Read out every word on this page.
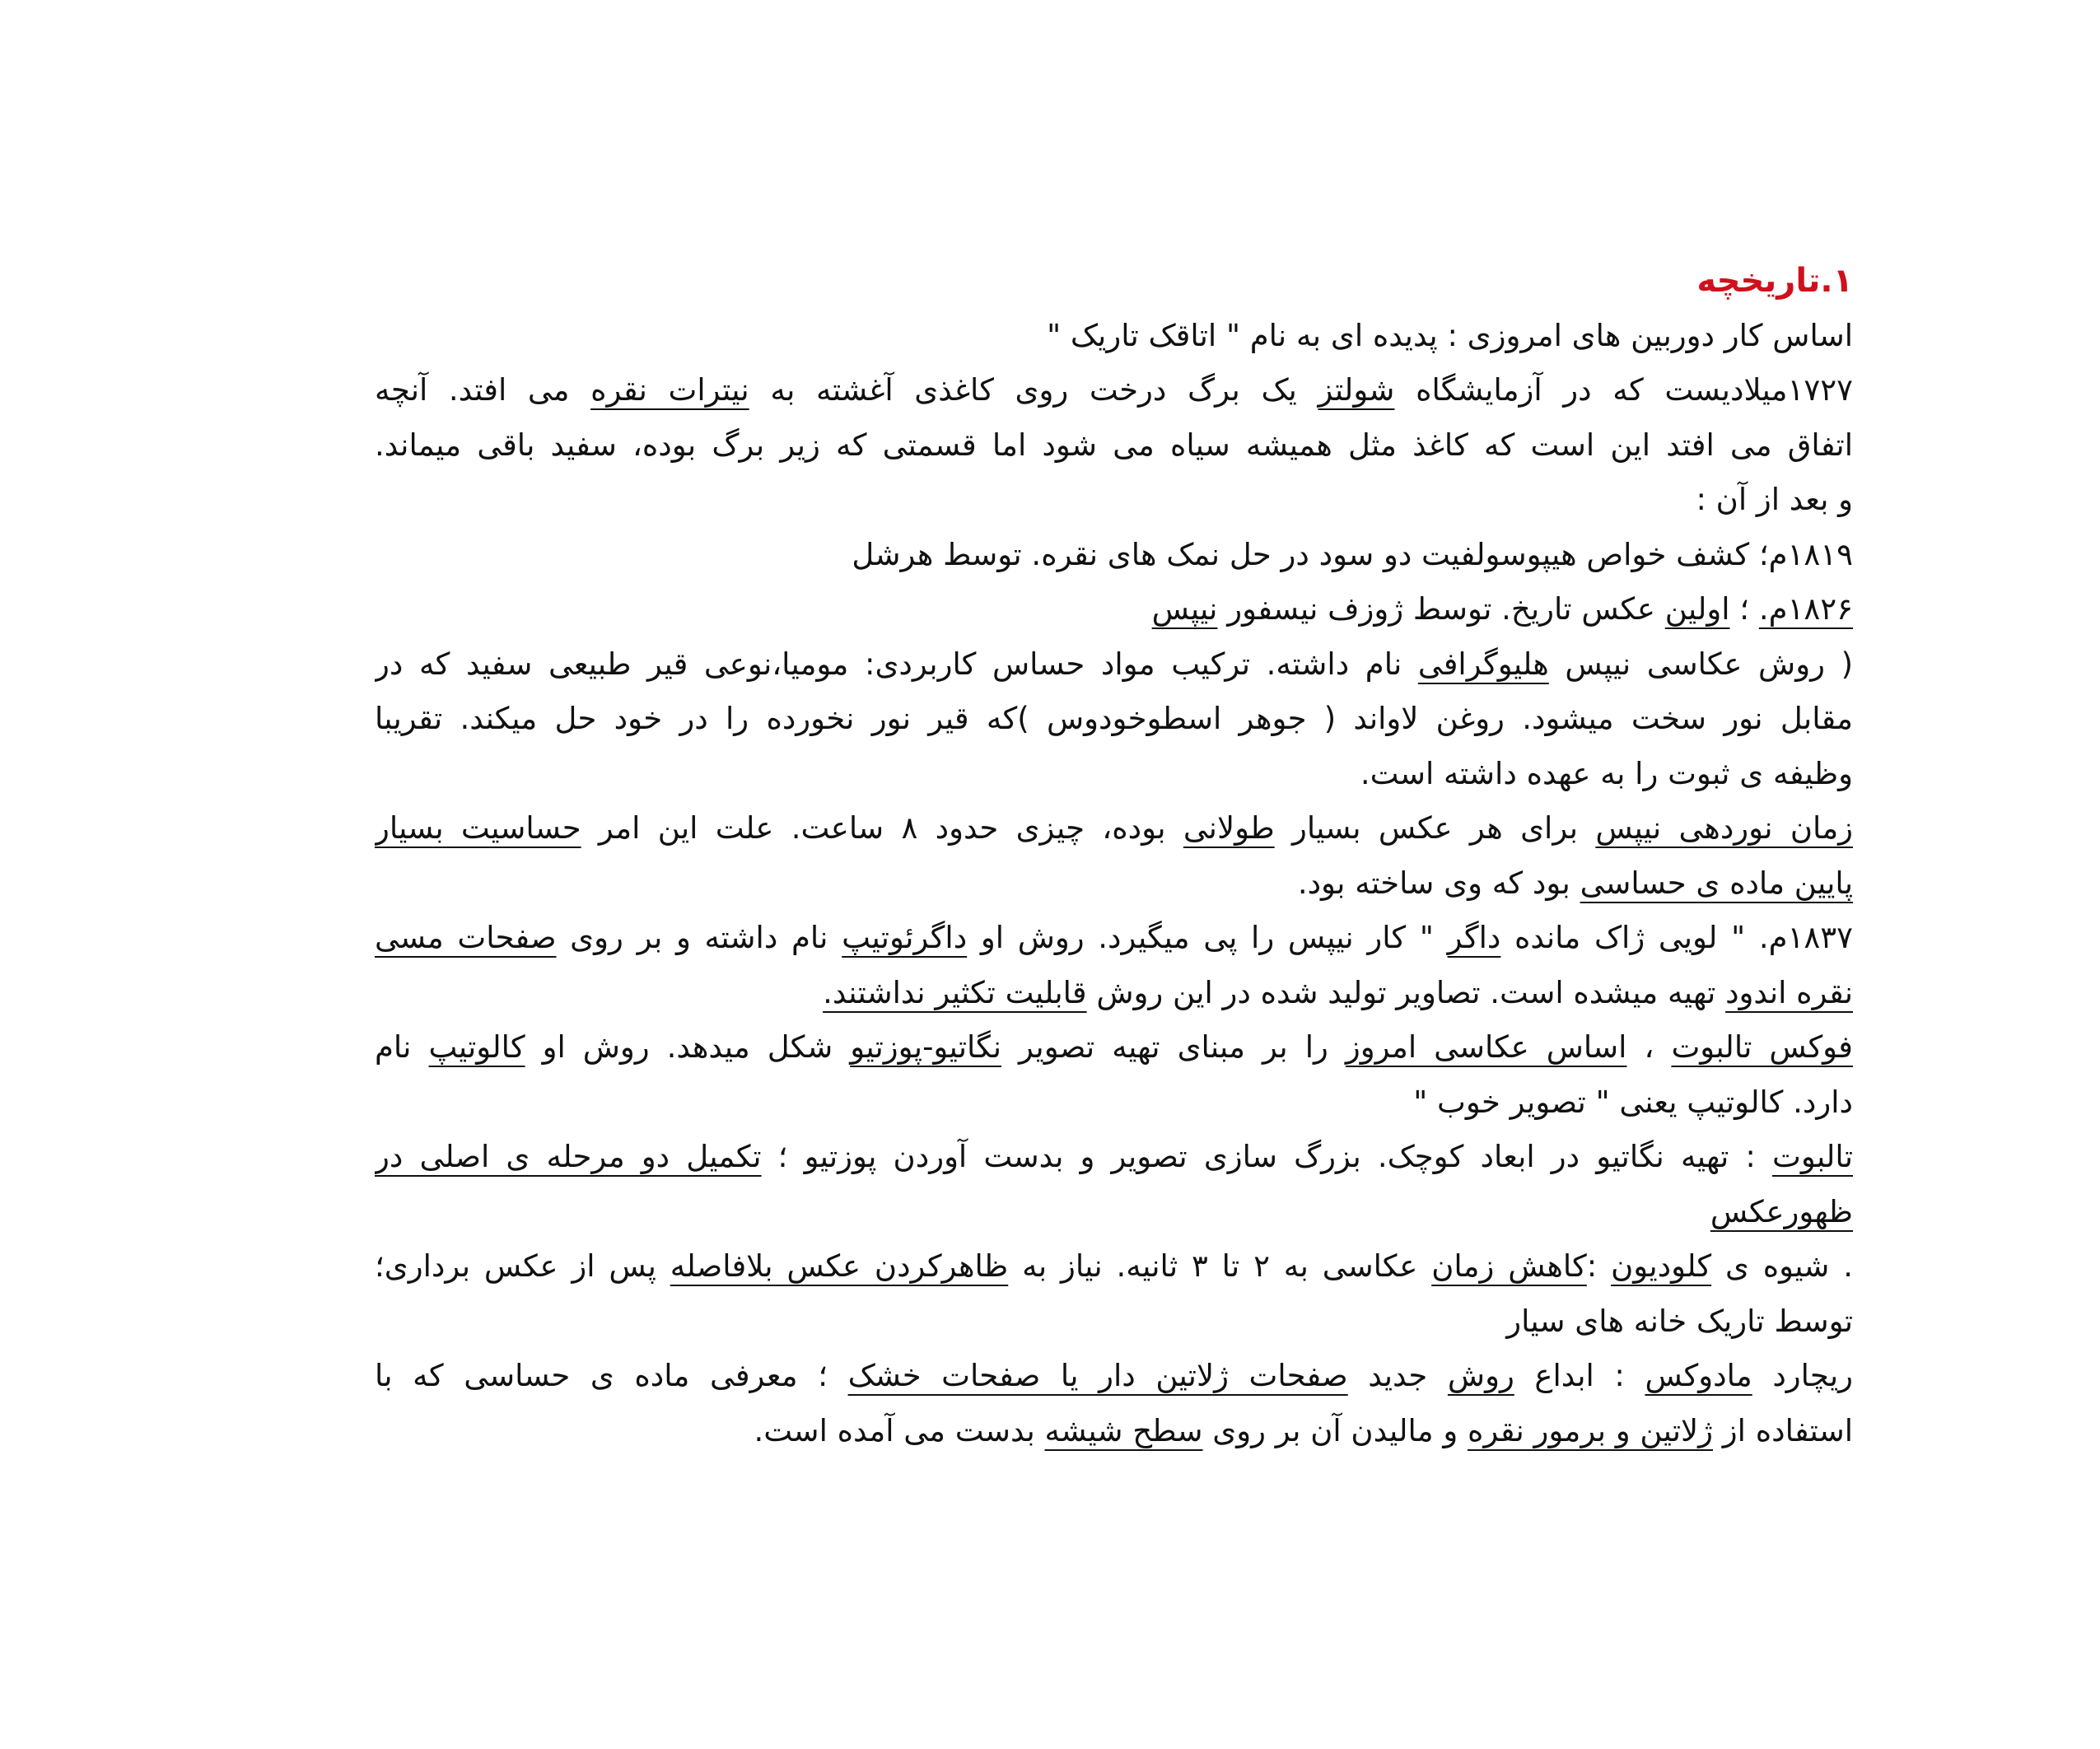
۱.تاریخچه
اساس کار دوربین های امروزی : پدیده ای به نام " اتاقک تاریک "
۱۷۲۷میلادیست که در آزمایشگاه شولتز یک برگ درخت روی کاغذی آغشته به نیترات نقره می افتد. آنچه
اتفاق می افتد این است که کاغذ مثل همیشه سیاه می شود اما قسمتی که زیر برگ بوده، سفید باقی میماند.
و بعد از آن :
۱۸۱۹م؛ کشف خواص هیپوسولفیت دو سود در حل نمک های نقره. توسط هرشل
۱۸۲۶م. ؛ اولین عکس تاریخ. توسط ژوزف نیسفور نیپس
( روش عکاسی نیپس هلیوگرافی نام داشته. ترکیب مواد حساس کاربردی: مومیا،نوعی قیر طبیعی سفید که در
مقابل نور سخت میشود. روغن لاواند ( جوهر اسطوخودوس )که قیر نور نخورده را در خود حل میکند. تقریبا
وظیفه ی ثبوت را به عهده داشته است.
زمان نوردهی نیپس برای هر عکس بسیار طولانی بوده، چیزی حدود ۸ ساعت. علت این امر حساسیت بسیار
پایین ماده ی حساسی بود که وی ساخته بود.
۱۸۳۷م. " لویی ژاک مانده داگر " کار نیپس را پی میگیرد. روش او داگرئوتیپ نام داشته و بر روی صفحات مسی
نقره اندود تهیه میشده است. تصاویر تولید شده در این روش قابلیت تکثیر نداشتند.
فوکس تالبوت ، اساس عکاسی امروز را بر مبنای تهیه تصویر نگاتیو-پوزتیو شکل میدهد. روش او کالوتیپ نام
دارد. کالوتیپ یعنی " تصویر خوب "
تالبوت : تهیه نگاتیو در ابعاد کوچک. بزرگ سازی تصویر و بدست آوردن پوزتیو ؛ تکمیل دو مرحله ی اصلی در
ظهورعکس
. شیوه ی کلودیون :کاهش زمان عکاسی به ۲ تا ۳ ثانیه. نیاز به ظاهرکردن عکس بلافاصله پس از عکس برداری؛
توسط تاریک خانه های سیار
ریچارد مادوکس : ابداع روش جدید صفحات ژلاتین دار یا صفحات خشک ؛ معرفی ماده ی حساسی که با
استفاده از ژلاتین و برمور نقره و مالیدن آن بر روی سطح شیشه بدست می آمده است.
